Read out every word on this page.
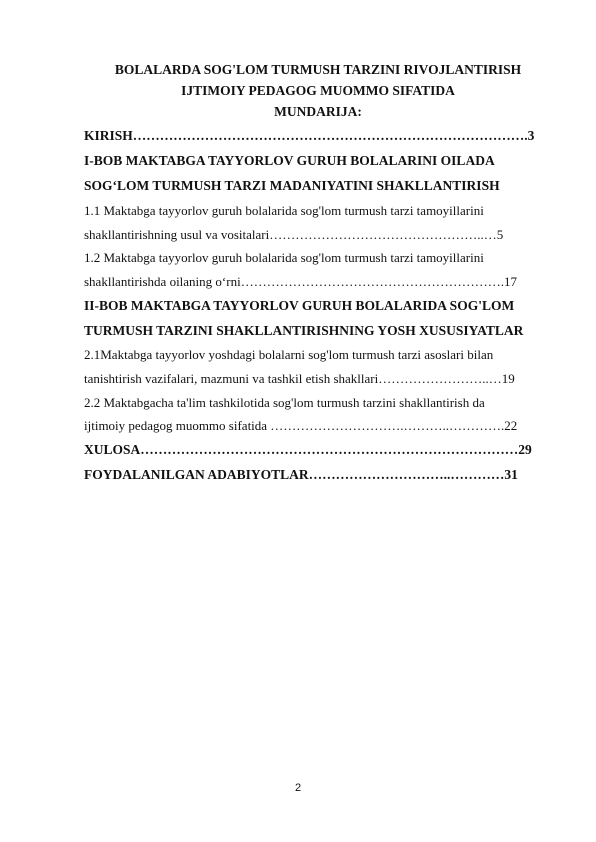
BOLALARDA SOG'LOM TURMUSH TARZINI RIVOJLANTIRISH
IJTIMOIY PEDAGOG MUOMMO SIFATIDA
MUNDARIJA:
KIRISH…………………………………………………………………………….3
I-BOB MAKTABGA TAYYORLOV GURUH BOLALARINI OILADA
SOG‘LOM TURMUSH TARZI MADANIYATINI SHAKLLANTIRISH
1.1 Maktabga tayyorlov guruh bolalarida sog'lom turmush tarzi tamoyillarini
shakllantirishning usul va vositalari…………………………………………..…5
1.2 Maktabga tayyorlov guruh bolalarida sog'lom turmush tarzi tamoyillarini
shakllantirishda oilaning o‘rni…………………………………………………….17
II-BOB MAKTABGA TAYYORLOV GURUH BOLALARIDA SOG'LOM
TURMUSH TARZINI SHAKLLANTIRISHNING YOSH XUSUSIYATLAR
2.1Maktabga tayyorlov yoshdagi bolalarni sog'lom turmush tarzi asoslari bilan
tanishtirish vazifalari, mazmuni va tashkil etish shakllari……………………..…19
2.2 Maktabgacha ta'lim tashkilotida sog'lom turmush tarzini shakllantirish da
ijtimoiy pedagog muommo sifatida ………………………….………..………….22
XULOSA…………………………………………………………………………29
FOYDALANILGAN ADABIYOTLAR…………………………..…………31
2
